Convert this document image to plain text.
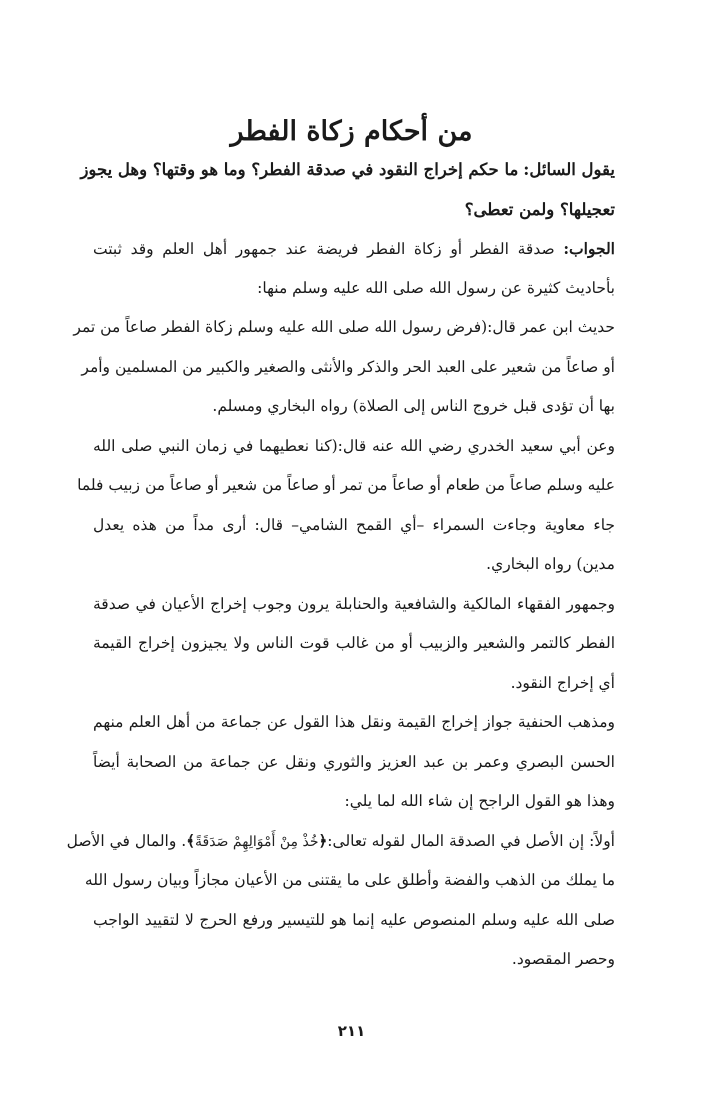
من أحكام زكاة الفطر
يقول السائل: ما حكم إخراج النقود في صدقة الفطر؟ وما هو وقتها؟ وهل يجوز
تعجيلها؟ ولمن تعطى؟
الجواب: صدقة الفطر أو زكاة الفطر فريضة عند جمهور أهل العلم وقد ثبتت
بأحاديث كثيرة عن رسول الله صلى الله عليه وسلم منها:
حديث ابن عمر قال:(فرض رسول الله صلى الله عليه وسلم زكاة الفطر صاعاً من تمر
أو صاعاً من شعير على العبد الحر والذكر والأنثى والصغير والكبير من المسلمين وأمر
بها أن تؤدى قبل خروج الناس إلى الصلاة) رواه البخاري ومسلم.
وعن أبي سعيد الخدري رضي الله عنه قال:(كنا نعطيهما في زمان النبي صلى الله
عليه وسلم صاعاً من طعام أو صاعاً من تمر أو صاعاً من شعير أو صاعاً من زبيب فلما
جاء معاوية وجاءت السمراء –أي القمح الشامي– قال: أرى مداً من هذه يعدل
مدين) رواه البخاري.
وجمهور الفقهاء المالكية والشافعية والحنابلة يرون وجوب إخراج الأعيان في صدقة
الفطر كالتمر والشعير والزبيب أو من غالب قوت الناس ولا يجيزون إخراج القيمة
أي إخراج النقود.
ومذهب الحنفية جواز إخراج القيمة ونقل هذا القول عن جماعة من أهل العلم منهم
الحسن البصري وعمر بن عبد العزيز والثوري ونقل عن جماعة من الصحابة أيضاً
وهذا هو القول الراجح إن شاء الله لما يلي:
أولاً: إن الأصل في الصدقة المال لقوله تعالى:﴿خُذْ مِنْ أَمْوَالِهِمْ صَدَقَةً﴾. والمال في الأصل
ما يملك من الذهب والفضة وأطلق على ما يقتنى من الأعيان مجازاً وبيان رسول الله
صلى الله عليه وسلم المنصوص عليه إنما هو للتيسير ورفع الحرج لا لتقييد الواجب
وحصر المقصود.
٢١١
